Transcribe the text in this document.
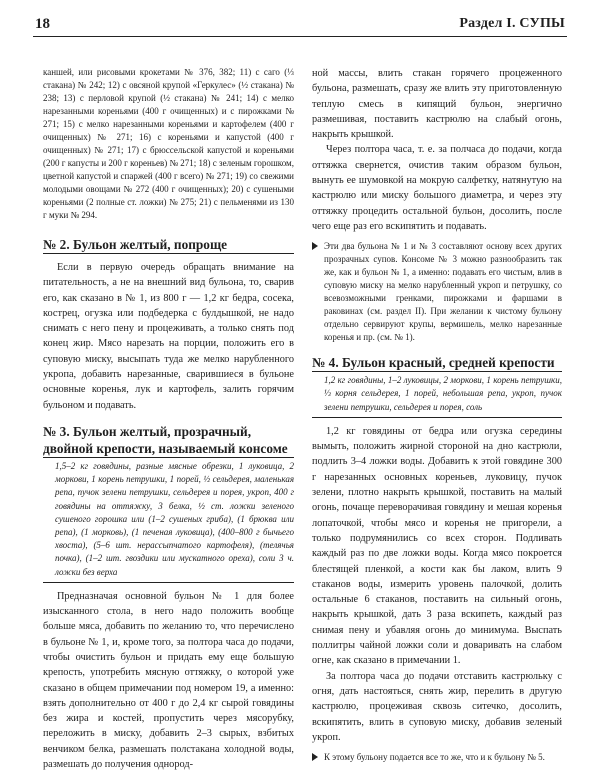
18	Раздел I. СУПЫ

каншей, или рисовыми крокетами № 376, 382; 11) с саго (⅓ стакана) № 242; 12) с овсяной крупой «Геркулес» (½ стакана) № 238; 13) с перловой крупой (½ стакана) № 241; 14) с мелко нарезанными кореньями (400 г очищенных) и с пирожками № 271; 15) с мелко нарезанными кореньями и картофелем (400 г очищенных) № 271; 16) с кореньями и капустой (400 г очищенных) № 271; 17) с брюссельской капустой и кореньями (200 г капусты и 200 г кореньев) № 271; 18) с зеленым горошком, цветной капустой и спаржей (400 г всего) № 271; 19) со свежими молодыми овощами № 272 (400 г очищенных); 20) с сушеными кореньями (2 полные ст. ложки) № 275; 21) с пельменями из 130 г муки № 294.

№ 2. Бульон желтый, попроще

Если в первую очередь обращать внимание на питательность, а не на внешний вид бульона, то, сварив его, как сказано в № 1, из 800 г — 1,2 кг бедра, сосека, кострец, огузка или подбедерка с булдышкой, не надо снимать с него пену и процеживать, а только снять под конец жир. Мясо нарезать на порции, положить его в суповую миску, высыпать туда же мелко нарубленного укропа, добавить нарезанные, сварившиеся в бульоне основные коренья, лук и картофель, залить горячим бульоном и подавать.

№ 3. Бульон желтый, прозрачный,
двойной крепости, называемый консоме

1,5–2 кг говядины, разные мясные обрезки, 1 луковица, 2 моркови, 1 корень петрушки, 1 порей, ½ сельдерея, маленькая репа, пучок зелени петрушки, сельдерея и порея, укроп, 400 г говядины на оттяжку, 3 белка, ½ ст. ложки зеленого сушеного горошка или (1–2 сушеных гриба), (1 брюква или репа), (1 морковь), (1 печеная луковица), (400–800 г бычьего хвоста), (5–6 шт. нерассыпчатого картофеля), (телячья почка), (1–2 шт. гвоздики или мускатного ореха), соли 3 ч. ложки без верха

Предназначая основной бульон № 1 для более изысканного стола, в него надо положить вообще больше мяса, добавить по желанию то, что перечислено в бульоне № 1, и, кроме того, за полтора часа до подачи, чтобы очистить бульон и придать ему еще большую крепость, употребить мясную оттяжку, о которой уже сказано в общем примечании под номером 19, а именно: взять дополнительно от 400 г до 2,4 кг сырой говядины без жира и костей, пропустить через мясорубку, переложить в миску, добавить 2–3 сырых, взбитых венчиком белка, размешать полстакана холодной воды, размешать до получения однород-

ной массы, влить стакан горячего процеженного бульона, размешать, сразу же влить эту приготовленную теплую смесь в кипящий бульон, энергично размешивая, поставить кастрюлю на слабый огонь, накрыть крышкой.

Через полтора часа, т. е. за полчаса до подачи, когда оттяжка свернется, очистив таким образом бульон, вынуть ее шумовкой на мокрую салфетку, натянутую на кастрюлю или миску большого диаметра, и через эту оттяжку процедить остальной бульон, досолить, после чего еще раз его вскипятить и подавать.

Эти два бульона № 1 и № 3 составляют основу всех других прозрачных супов. Консоме № 3 можно разнообразить так же, как и бульон № 1, а именно: подавать его чистым, влив в суповую миску на мелко нарубленный укроп и петрушку, со всевозможными гренками, пирожками и фаршами в раковинах (см. раздел II). При желании к чистому бульону отдельно сервируют крупы, вермишель, мелко нарезанные коренья и пр. (см. № 1).

№ 4. Бульон красный, средней крепости

1,2 кг говядины, 1–2 луковицы, 2 моркови, 1 корень петрушки, ⅓ корня сельдерея, 1 порей, небольшая репа, укроп, пучок зелени петрушки, сельдерея и порея, соль

1,2 кг говядины от бедра или огузка середины вымыть, положить жирной стороной на дно кастрюли, подлить 3–4 ложки воды. Добавить к этой говядине 300 г нарезанных основных кореньев, луковицу, пучок зелени, плотно накрыть крышкой, поставить на малый огонь, почаще переворачивая говядину и мешая коренья лопаточкой, чтобы мясо и коренья не пригорели, а только подрумянились со всех сторон. Подливать каждый раз по две ложки воды. Когда мясо покроется блестящей пленкой, а кости как бы лаком, влить 9 стаканов воды, измерить уровень палочкой, долить остальные 6 стаканов, поставить на сильный огонь, накрыть крышкой, дать 3 раза вскипеть, каждый раз снимая пену и убавляя огонь до минимума. Выспать поллитры чайной ложки соли и доваривать на слабом огне, как сказано в примечании 1.

За полтора часа до подачи отставить кастрюльку с огня, дать настояться, снять жир, перелить в другую кастрюлю, процеживая сквозь ситечко, досолить, вскипятить, влить в суповую миску, добавив зеленый укроп.

К этому бульону подается все то же, что и к бульону № 5.
